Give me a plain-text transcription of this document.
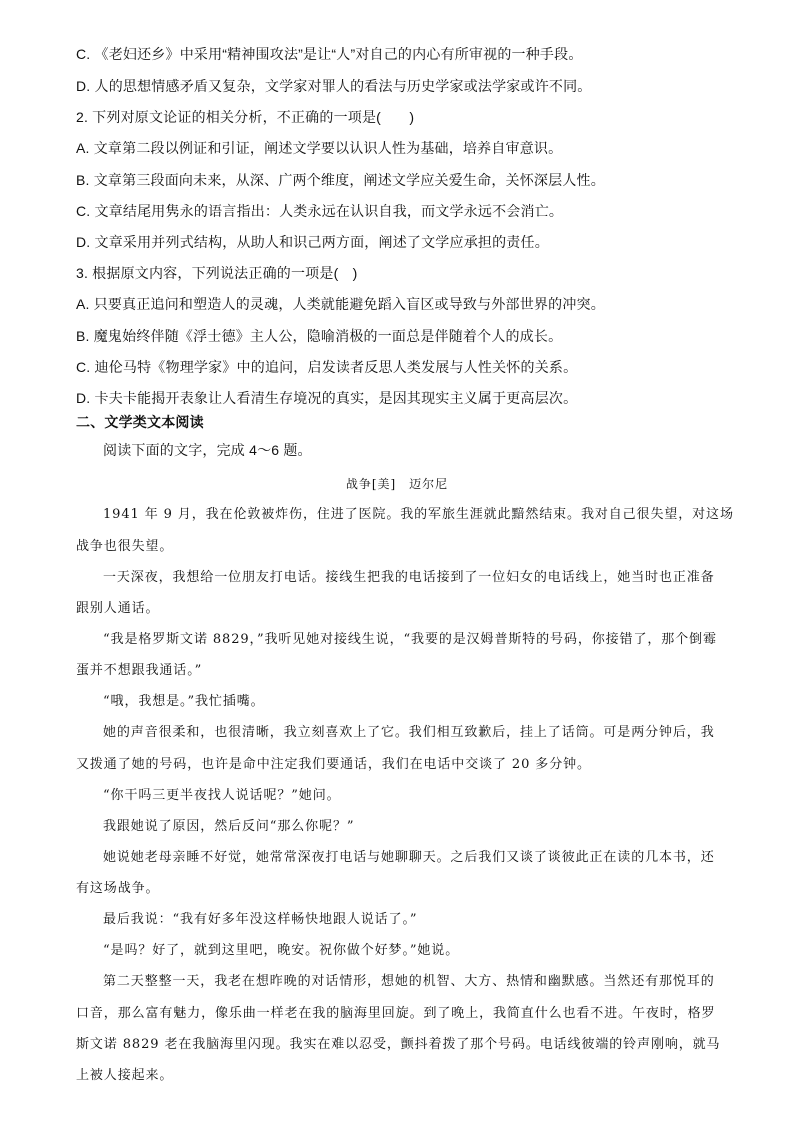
C. 《老妇还乡》中采用“精神围攻法”是让“人”对自己的内心有所审视的一种手段。
D. 人的思想情感矛盾又复杂，文学家对罪人的看法与历史学家或法学家或许不同。
2. 下列对原文论证的相关分析，不正确的一项是(　　)
A. 文章第二段以例证和引证，阐述文学要以认识人性为基础，培养自审意识。
B. 文章第三段面向未来，从深、广两个维度，阐述文学应关爱生命，关怀深层人性。
C. 文章结尾用隽永的语言指出：人类永远在认识自我，而文学永远不会消亡。
D. 文章采用并列式结构，从助人和识己两方面，阐述了文学应承担的责任。
3. 根据原文内容，下列说法正确的一项是(　)
A. 只要真正追问和塑造人的灵魂，人类就能避免蹈入盲区或导致与外部世界的冲突。
B. 魔鬼始终伴随《浮士德》主人公，隐喻消极的一面总是伴随着个人的成长。
C. 迪伦马特《物理学家》中的追问，启发读者反思人类发展与人性关怀的关系。
D. 卡夫卡能揭开表象让人看清生存境况的真实，是因其现实主义属于更高层次。
二、文学类文本阅读
阅读下面的文字，完成 4～6 题。
战争[美]　迈尔尼
1941 年 9 月，我在伦敦被炸伤，住进了医院。我的军旅生涯就此黯然结束。我对自己很失望，对这场
战争也很失望。
一天深夜，我想给一位朋友打电话。接线生把我的电话接到了一位妇女的电话线上，她当时也正准备
跟别人通话。
“我是格罗斯文诺 8829，”我听见她对接线生说，“我要的是汉姆普斯特的号码，你接错了，那个倒霉
蛋并不想跟我通话。”
“哦，我想是。”我忙插嘴。
她的声音很柔和，也很清晰，我立刻喜欢上了它。我们相互致歉后，挂上了话筒。可是两分钟后，我
又拨通了她的号码，也许是命中注定我们要通话，我们在电话中交谈了 20 多分钟。
“你干吗三更半夜找人说话呢？”她问。
我跟她说了原因，然后反问“那么你呢？”
她说她老母亲睡不好觉，她常常深夜打电话与她聊聊天。之后我们又谈了谈彼此正在读的几本书，还
有这场战争。
最后我说：“我有好多年没这样畅快地跟人说话了。”
“是吗？好了，就到这里吧，晚安。祝你做个好梦。”她说。
第二天整整一天，我老在想昨晚的对话情形，想她的机智、大方、热情和幽默感。当然还有那悦耳的
口音，那么富有魅力，像乐曲一样老在我的脑海里回旋。到了晚上，我简直什么也看不进。午夜时，格罗
斯文诺 8829 老在我脑海里闪现。我实在难以忍受，颤抖着拨了那个号码。电话线彼端的铃声刚响，就马
上被人接起来。
